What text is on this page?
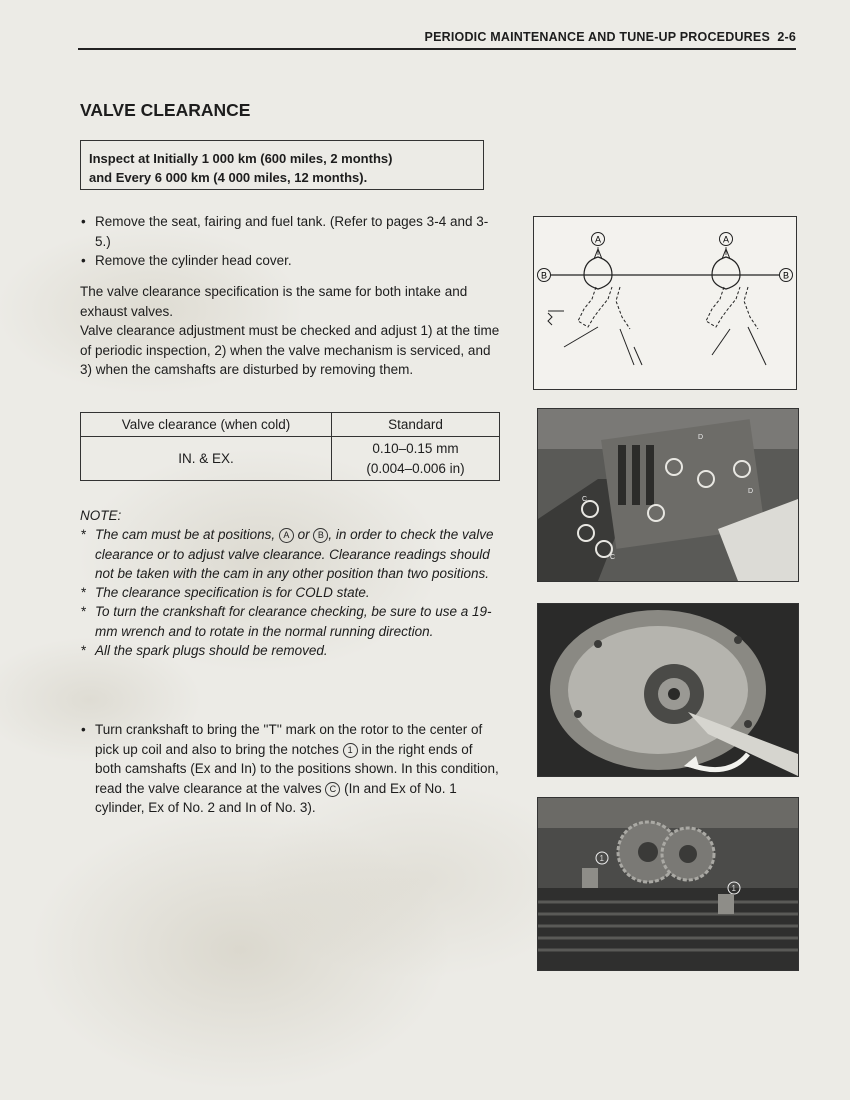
PERIODIC MAINTENANCE AND TUNE-UP PROCEDURES  2-6
VALVE CLEARANCE
Inspect at Initially 1 000 km (600 miles, 2 months)
and Every 6 000 km (4 000 miles, 12 months).
• Remove the seat, fairing and fuel tank. (Refer to pages 3-4 and 3-5.)
• Remove the cylinder head cover.
The valve clearance specification is the same for both intake and exhaust valves.
Valve clearance adjustment must be checked and adjust 1) at the time of periodic inspection, 2) when the valve mechanism is serviced, and 3) when the camshafts are disturbed by removing them.
Valve clearance (when cold)	Standard
IN. & EX.	0.10–0.15 mm
(0.004–0.006 in)
NOTE:
* The cam must be at positions, A or B , in order to check the valve clearance or to adjust valve clearance. Clearance readings should not be taken with the cam in any other position than two positions.
* The clearance specification is for COLD state.
* To turn the crankshaft for clearance checking, be sure to use a 19-mm wrench and to rotate in the normal running direction.
* All the spark plugs should be removed.
• Turn crankshaft to bring the ''T'' mark on the rotor to the center of pick up coil and also to bring the notches 1 in the right ends of both camshafts (Ex and In) to the positions shown. In this condition, read the valve clearance at the valves C (In and Ex of No. 1 cylinder, Ex of No. 2 and In of No. 3).
A	A
B	B
D
D
C
C
1
1
